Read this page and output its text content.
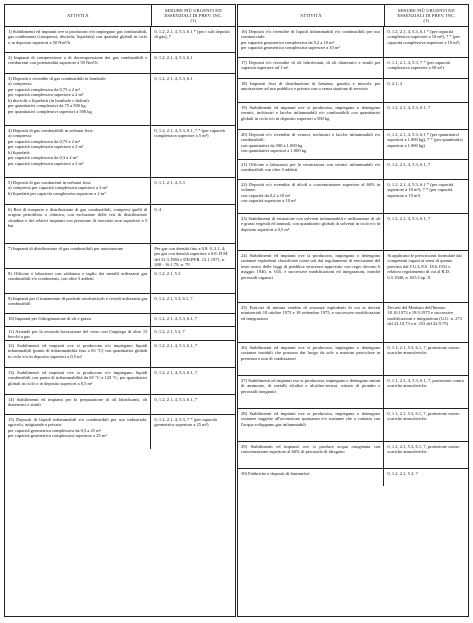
ATTIVITÀ
MISURE PIÙ URGENTI ED ESSENZIALI DI PREV. INC.
(1)

1) Stabilimenti ed impianti ove si producono e/o impiegano gas combustibili, gas comburenti (compressi, disciolti, liquefatti) con quantità globali in ciclo o in deposito superiori a 50 Nm³/h

0, 1.2, 2.1, 4, 5.3, 6.1 * (per i soli depositi di gas), 7

2) Impianti di compressione o di decompressione dei gas combustibili e comburenti con potenzialità superiore a 50 Nm³/h

0, 1.2, 2.1, 4, 5.3, 6.1

3) Depositi e rivendite di gas combustibili in bombole:

a) compressi:

per capacità complessiva da 0,75 a 2 m³

per capacità complessiva superiore a 2 m³

b) disciolti o liquefatti (in bombole o bidoni):

per quantitativi complessivi da 75 a 500 kg

per quantitativi complessivi superiori a 500 kg

0, 1.2, 2.1, 4, 5.3, 6.1

4) Depositi di gas combustibili in serbatoi fissi:

a) compressi:

per capacità complessiva da 0,75 a 2 m³

per capacità complessiva superiore a 2 m³

b) liquefatti:

per capacità complessiva da 0,3 a 2 m³

per capacità complessiva superiore a 2 m³

0, 1.2, 2.1, 4, 5.3, 6.1, 7 * (per capacità complessiva superiore a 5 m³)

5) Depositi di gas comburenti in serbatoi fissi:

a) compressi per capacità complessiva superiore a 3 m³

b) liquefatti per capacità complessiva superiore a 2 m³

0, 1.1, 2.1, 4, 5.3

6) Reti di trasporto e distribuzione di gas combustibili, compresi quelli di origine petrolifera o chimica, con esclusione delle reti di distribuzione cittadina e dei relativi impianti con pressione di esercizio non superiore a 5 bar

0, 4

7) Impianti di distribuzione di gas combustibili per autotrazione	Per gas con densità fino a 0.8: 0, 2.1, 4; per gas con densità superiore a 0.8: D.M. del 31.3.1984 e DD.PP.R. 12.1.1971, n. 208 - 16.1.79, n. 79

8) Officine e laboratori con saldatura e taglio dei metalli utilizzanti gas combustibili e/o comburenti, con oltre 5 addetti

0, 1.2, 2.1, 5.3

9) Impianti per il trattamento di prodotti ortofrutticoli e cereali utilizzanti gas combustibili

0, 1.2, 2.1, 5.3, 6.1, 7

10) Impianti per l'idrogenazione di oli e grassi	0, 1.2, 2.1, 4, 5.3, 6.1, 7

11) Aziende per la seconda lavorazione del vetro con l'impiego di oltre 15 becchi a gas

0, 1.2, 2.1, 5.3, 7

12) Stabilimenti ed impianti ove si producono e/o impiegano liquidi infiammabili (punto di infiammabilità fino a 65 °C) con quantitativi globali in ciclo e/o in deposito superiori a 0,5 m³

0, 1.2, 2.1, 4, 5.3, 6.1, 7

13) Stabilimenti ed impianti ove si producono e/o impiegano liquidi combustibili con punto di infiammabilità da 65 °C a 125 °C, per quantitativi globali in ciclo o in deposito superiori a 0,5 m³

0, 1.2, 2.1, 4, 5.3, 6.1, 7

14) Stabilimenti ed impianti per la preparazione di oli lubrificanti, oli diatermici e simili

0, 1.2, 2.1, 4, 5.3, 6.1, 7

15) Depositi di liquidi infiammabili e/o combustibili per uso industriale, agricolo, artigianale e privato:

per capacità geometrica complessiva da 0,5 a 25 m³

per capacità geometrica complessiva superiore a 25 m³

0, 1.2, 2.1, 4, 5.3, 7 * (per capacità geometrica superiore a 25 m³)
ATTIVITÀ
MISURE PIÙ URGENTI ED ESSENZIALI DI PREV. INC.
(1)

16) Depositi e/o rivendite di liquidi infiammabili e/o combustibili per uso commerciale:

per capacità geometrica complessiva da 0,2 a 10 m³

per capacità geometrica complessiva superiore a 10 m³

0, 1.2, 2.1, 4, 5.3, 6.1 * (per capacità complessiva superiore a 10 m³), 7 * (per capacità complessiva superiore a 10 m³)

17) Depositi e/o rivendite di oli lubrificanti, di oli diatermici e simili per capacità superiore ad 1 m³

0, 1.1, 2.1, 4, 5.3, 7 * (per capacità complessiva superiore a 50 m³)

18) Impianti fissi di distribuzione di benzina, gasolio e miscele per autotrazione ad uso pubblico e privato con o senza stazione di servizio

0, 2.1, 4

19) Stabilimenti ed impianti ove si producono, impiegano o detengono vernici, inchiostri e lacche infiammabili e/o combustibili con quantitativi globali in ciclo e/o in deposito superiori a 500 kg

0, 1.2, 2.1, 4, 5.3, 6.1, 7

20) Depositi e/o rivendite di vernici, inchiostri e lacche infiammabili e/o combustibili:

con quantitativi da 500 a 1.000 kg

con quantitativi superiori a 1.000 kg

0, 1.2, 2.1, 4, 5.3, 6.1 * (per quantitativi superiori a 1.000 kg), 7 * (per quantitativi superiori a 1.000 kg)

21) Officine o laboratori per la verniciatura con vernici infiammabili e/o combustibili con oltre 5 addetti

0, 1.2, 2.1, 4, 5.3, 6.1, 7

22) Depositi e/o rivendite di alcoli a concentrazione superiore al 60% in volume:

con capacità da 0,2 a 10 m³

con capacità superiore a 10 m³

0, 1.2, 2.1, 4, 5.3, 6.1 * (per capacità superiore a 10 m³), 7 * (per capacità superiore a 10 m³)

23) Stabilimenti di estrazione con solventi infiammabili e raffinazione di oli e grassi vegetali ed animali, con quantitativi globali di solventi in ciclo e/o in deposito superiori a 0,5 m³

0, 1.2, 2.1, 4, 5.3, 6.1, 7

24) Stabilimenti ed impianti ove si producono, impiegano o detengono sostanze esplodenti classificate come tali dal regolamento di esecuzione del testo unico delle leggi di pubblica sicurezza approvato con regio decreto 6 maggio 1940, n. 635, e successive modificazioni ed integrazioni, nonché perossidi organici

Si applicano le prescrizioni formulate dai competenti organi ai sensi di quanto previsto dal T.U.L.P.S. 18.6.1931 e relativo regolamento di cui al R.D. 6.5.1940, n. 635 Cap. X

25) Esercizi di minuta vendita di sostanze esplodenti di cui ai decreti ministeriali 18 ottobre 1973 e 18 settembre 1975, e successive modificazioni ed integrazioni

Decreti del Ministro dell'Interno 18.10.1973 e 18.9.1975 e successive modificazioni e integrazioni (G.U. n. 273 del 22.10.73 e n. 253 del 22.9.75)

26) Stabilimenti ed impianti ove si producono, impiegano o detengono sostanze instabili che possono dar luogo da sole a reazioni pericolose in presenza o non di catalizzatori

0, 1.1, 2.1, 5.3, 6.1, 7, protezione contro scariche atmosferiche

27) Stabilimenti ed impianti ove si producono, impiegano o detengono nitrati di ammonio, di metalli alcalini e alcalino-terrosi, nitrato di piombo e perossidi inorganici

0, 1.1, 2.1, 4, 5.3, 6.1, 7, protezione contro scariche atmosferiche

28) Stabilimenti ed impianti ove si producono, impiegano o detengono sostanze soggette all'accensione spontanea e/o sostanze che a contatto con l'acqua sviluppano gas infiammabili

0, 1.1, 2.1, 5.3, 6.1, 7, protezione contro scariche atmosferiche

29) Stabilimenti ed impianti ove si produce acqua ossigenata con concentrazione superiore al 60% di perossido di idrogeno

0, 1.2, 2.1, 5.3, 6.1, 7, protezione contro scariche atmosferiche

30) Fabbriche e depositi di fiammiferi	0, 1.2, 2.1, 5.3, 7
